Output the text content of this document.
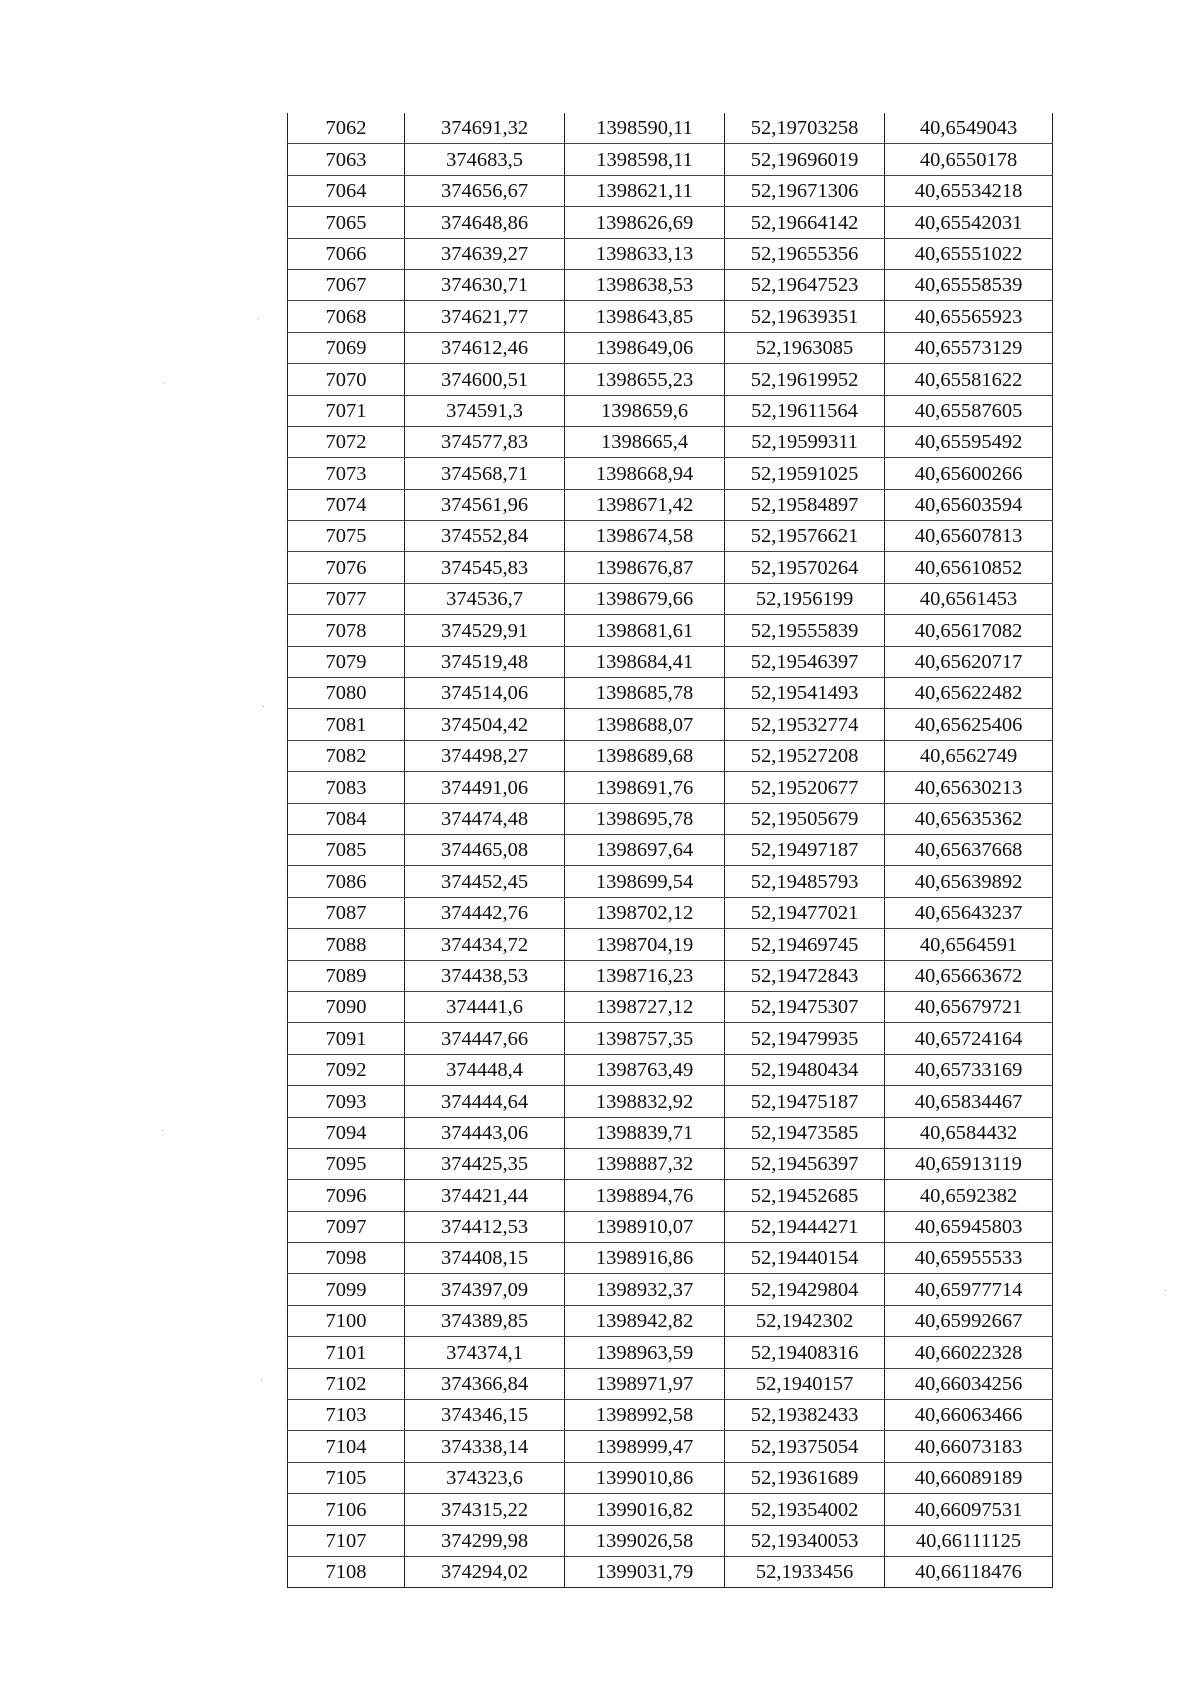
7062	374691,32	1398590,11	52,19703258	40,6549043
7063	374683,5	1398598,11	52,19696019	40,6550178
7064	374656,67	1398621,11	52,19671306	40,65534218
7065	374648,86	1398626,69	52,19664142	40,65542031
7066	374639,27	1398633,13	52,19655356	40,65551022
7067	374630,71	1398638,53	52,19647523	40,65558539
7068	374621,77	1398643,85	52,19639351	40,65565923
7069	374612,46	1398649,06	52,1963085	40,65573129
7070	374600,51	1398655,23	52,19619952	40,65581622
7071	374591,3	1398659,6	52,19611564	40,65587605
7072	374577,83	1398665,4	52,19599311	40,65595492
7073	374568,71	1398668,94	52,19591025	40,65600266
7074	374561,96	1398671,42	52,19584897	40,65603594
7075	374552,84	1398674,58	52,19576621	40,65607813
7076	374545,83	1398676,87	52,19570264	40,65610852
7077	374536,7	1398679,66	52,1956199	40,6561453
7078	374529,91	1398681,61	52,19555839	40,65617082
7079	374519,48	1398684,41	52,19546397	40,65620717
7080	374514,06	1398685,78	52,19541493	40,65622482
7081	374504,42	1398688,07	52,19532774	40,65625406
7082	374498,27	1398689,68	52,19527208	40,6562749
7083	374491,06	1398691,76	52,19520677	40,65630213
7084	374474,48	1398695,78	52,19505679	40,65635362
7085	374465,08	1398697,64	52,19497187	40,65637668
7086	374452,45	1398699,54	52,19485793	40,65639892
7087	374442,76	1398702,12	52,19477021	40,65643237
7088	374434,72	1398704,19	52,19469745	40,6564591
7089	374438,53	1398716,23	52,19472843	40,65663672
7090	374441,6	1398727,12	52,19475307	40,65679721
7091	374447,66	1398757,35	52,19479935	40,65724164
7092	374448,4	1398763,49	52,19480434	40,65733169
7093	374444,64	1398832,92	52,19475187	40,65834467
7094	374443,06	1398839,71	52,19473585	40,6584432
7095	374425,35	1398887,32	52,19456397	40,65913119
7096	374421,44	1398894,76	52,19452685	40,6592382
7097	374412,53	1398910,07	52,19444271	40,65945803
7098	374408,15	1398916,86	52,19440154	40,65955533
7099	374397,09	1398932,37	52,19429804	40,65977714
7100	374389,85	1398942,82	52,1942302	40,65992667
7101	374374,1	1398963,59	52,19408316	40,66022328
7102	374366,84	1398971,97	52,1940157	40,66034256
7103	374346,15	1398992,58	52,19382433	40,66063466
7104	374338,14	1398999,47	52,19375054	40,66073183
7105	374323,6	1399010,86	52,19361689	40,66089189
7106	374315,22	1399016,82	52,19354002	40,66097531
7107	374299,98	1399026,58	52,19340053	40,66111125
7108	374294,02	1399031,79	52,1933456	40,66118476
